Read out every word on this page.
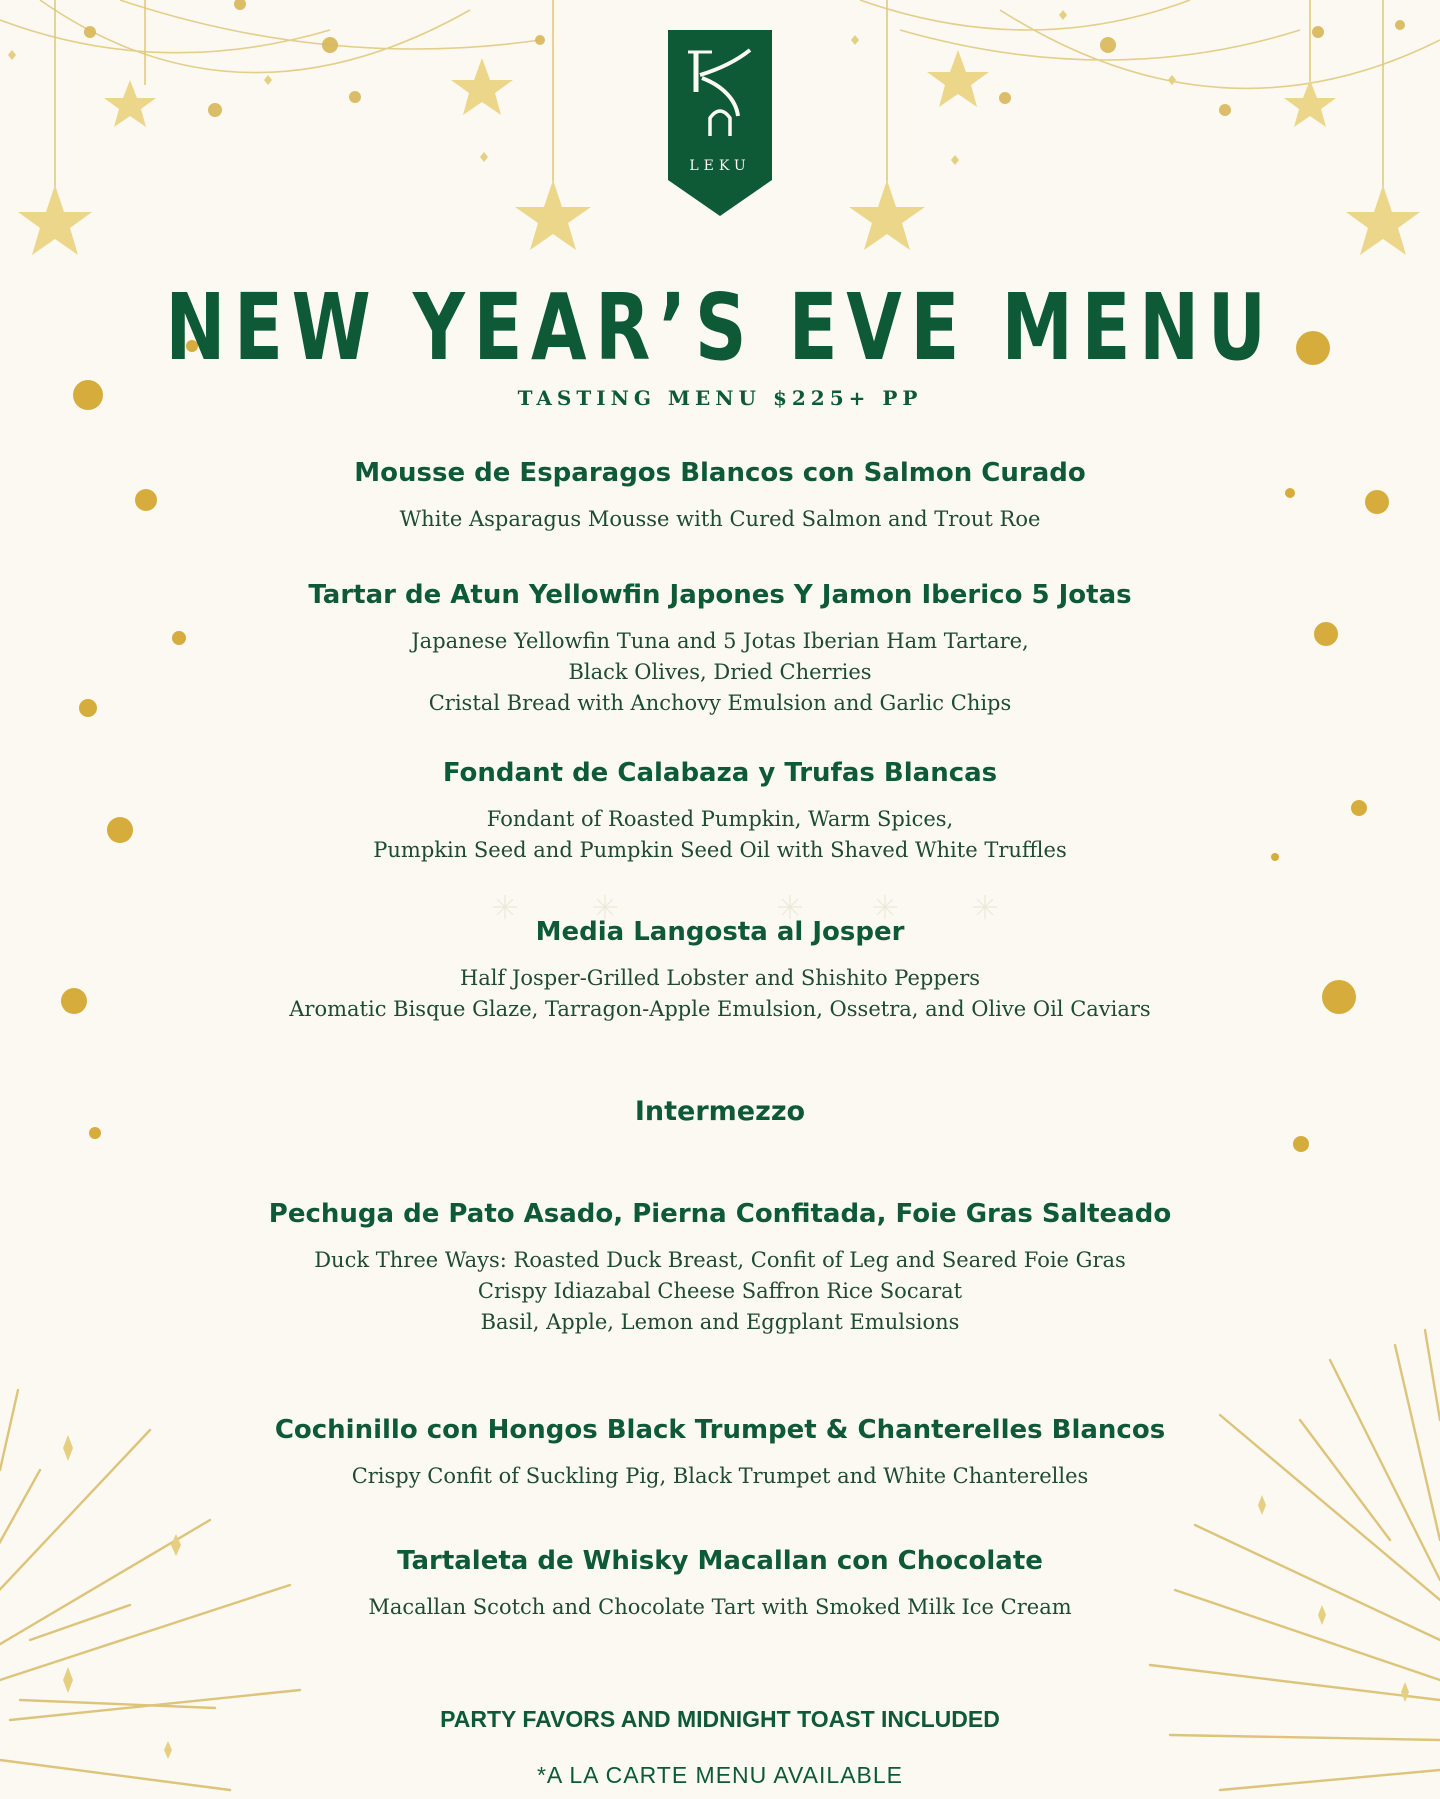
LEKU
NEW YEAR’S EVE MENU

TASTING MENU $225+ PP

Mousse de Esparagos Blancos con Salmon Curado

White Asparagus Mousse with Cured Salmon and Trout Roe

Tartar de Atun Yellowfin Japones Y Jamon Iberico 5 Jotas

Japanese Yellowfin Tuna and 5 Jotas Iberian Ham Tartare,
Black Olives, Dried Cherries
Cristal Bread with Anchovy Emulsion and Garlic Chips

Fondant de Calabaza y Trufas Blancas

Fondant of Roasted Pumpkin, Warm Spices,
Pumpkin Seed and Pumpkin Seed Oil with Shaved White Truffles

Media Langosta al Josper

Half Josper-Grilled Lobster and Shishito Peppers
Aromatic Bisque Glaze, Tarragon-Apple Emulsion, Ossetra, and Olive Oil Caviars

Intermezzo
Pechuga de Pato Asado, Pierna Confitada, Foie Gras Salteado

Duck Three Ways: Roasted Duck Breast, Confit of Leg and Seared Foie Gras
Crispy Idiazabal Cheese Saffron Rice Socarat
Basil, Apple, Lemon and Eggplant Emulsions

Cochinillo con Hongos Black Trumpet & Chanterelles Blancos

Crispy Confit of Suckling Pig, Black Trumpet and White Chanterelles

Tartaleta de Whisky Macallan con Chocolate

Macallan Scotch and Chocolate Tart with Smoked Milk Ice Cream

PARTY FAVORS AND MIDNIGHT TOAST INCLUDED

*A LA CARTE MENU AVAILABLE
